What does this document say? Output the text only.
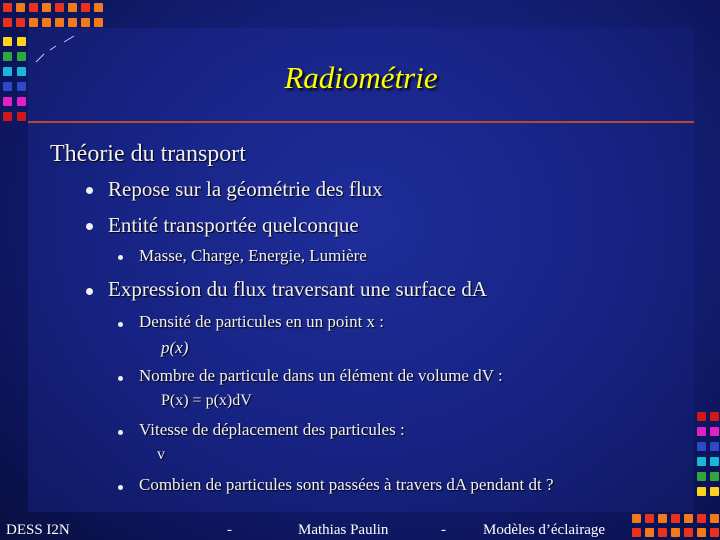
Radiométrie
Théorie du transport
Repose sur la géométrie des flux
Entité transportée quelconque
Masse, Charge, Energie, Lumière
Expression du flux traversant une surface dA
Densité de particules en un point x :
p(x)
Nombre de particule dans un élément de volume dV :
P(x) = p(x)dV
Vitesse de déplacement des particules :
v
Combien de particules sont passées à travers dA pendant dt ?
DESS I2N	-	Mathias Paulin	- Modèles d’éclairage
